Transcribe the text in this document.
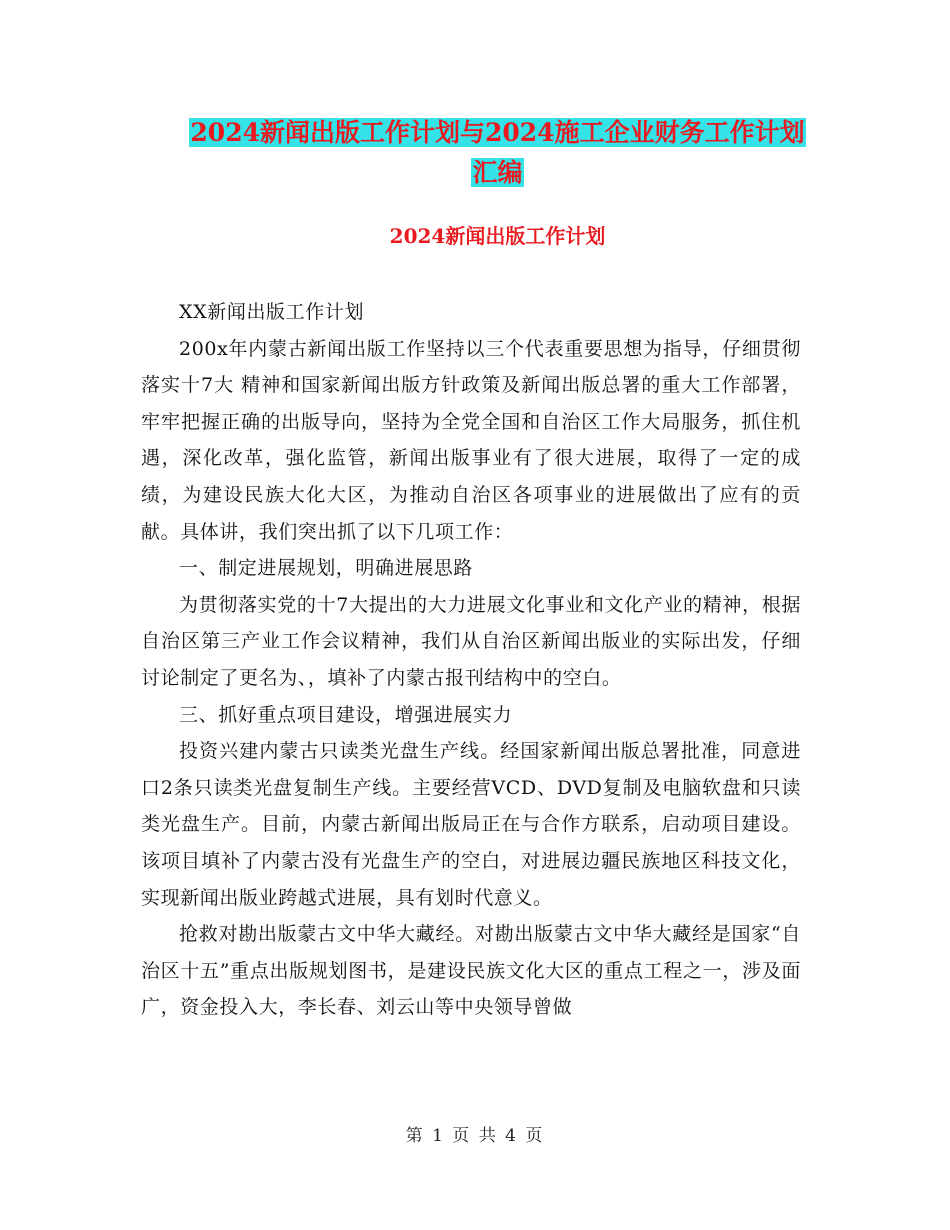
2024新闻出版工作计划与2024施工企业财务工作计划
汇编
2024新闻出版工作计划

XX新闻出版工作计划

200x年内蒙古新闻出版工作坚持以三个代表重要思想为指导，仔细贯彻落实十7大 精神和国家新闻出版方针政策及新闻出版总署的重大工作部署，牢牢把握正确的出版导向，坚持为全党全国和自治区工作大局服务，抓住机遇，深化改革，强化监管，新闻出版事业有了很大进展，取得了一定的成绩，为建设民族大化大区，为推动自治区各项事业的进展做出了应有的贡献。具体讲，我们突出抓了以下几项工作：

一、制定进展规划，明确进展思路

为贯彻落实党的十7大提出的大力进展文化事业和文化产业的精神，根据自治区第三产业工作会议精神，我们从自治区新闻出版业的实际出发，仔细讨论制定了更名为、，填补了内蒙古报刊结构中的空白。

三、抓好重点项目建设，增强进展实力

投资兴建内蒙古只读类光盘生产线。经国家新闻出版总署批准，同意进口2条只读类光盘复制生产线。主要经营VCD、DVD复制及电脑软盘和只读类光盘生产。目前，内蒙古新闻出版局正在与合作方联系，启动项目建设。该项目填补了内蒙古没有光盘生产的空白，对进展边疆民族地区科技文化，实现新闻出版业跨越式进展，具有划时代意义。

抢救对勘出版蒙古文中华大藏经。对勘出版蒙古文中华大藏经是国家“自治区十五”重点出版规划图书，是建设民族文化大区的重点工程之一，涉及面广，资金投入大，李长春、刘云山等中央领导曾做

第 1 页 共 4 页
